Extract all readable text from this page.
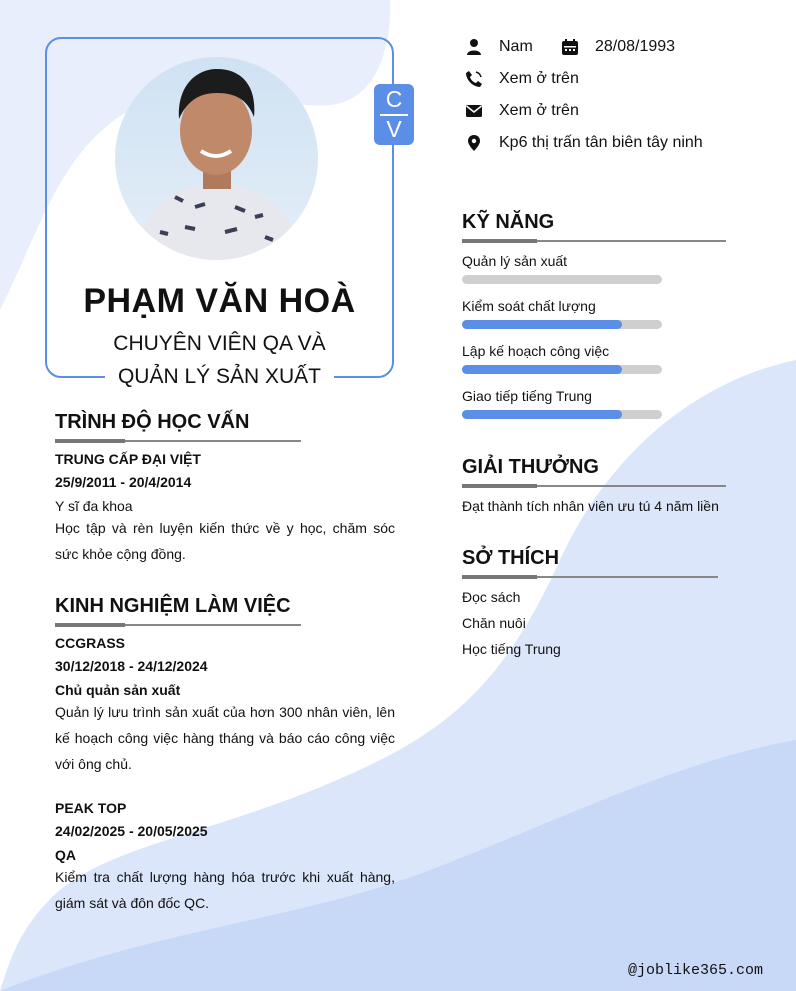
C
V
PHẠM VĂN HOÀ
CHUYÊN VIÊN QA VÀ
QUẢN LÝ SẢN XUẤT
Nam	28/08/1993
Xem ở trên
Xem ở trên
Kp6 thị trấn tân biên tây ninh
TRÌNH ĐỘ HỌC VẤN
TRUNG CẤP ĐẠI VIỆT
25/9/2011 - 20/4/2014
Y sĩ đa khoa
Học tập và rèn luyện kiến thức về y học, chăm sóc sức khỏe cộng đồng.
KINH NGHIỆM LÀM VIỆC
CCGRASS
30/12/2018 - 24/12/2024
Chủ quản sản xuất
Quản lý lưu trình sản xuất của hơn 300 nhân viên, lên kế hoạch công việc hàng tháng và báo cáo công việc với ông chủ.
PEAK TOP
24/02/2025 - 20/05/2025
QA
Kiểm tra chất lượng hàng hóa trước khi xuất hàng, giám sát và đôn đốc QC.
KỸ NĂNG
Quản lý sản xuất
Kiểm soát chất lượng
Lập kế hoạch công việc
Giao tiếp tiếng Trung
GIẢI THƯỞNG
Đạt thành tích nhân viên ưu tú 4 năm liền
SỞ THÍCH
Đọc sách
Chăn nuôi
Học tiếng Trung
@joblike365.com
